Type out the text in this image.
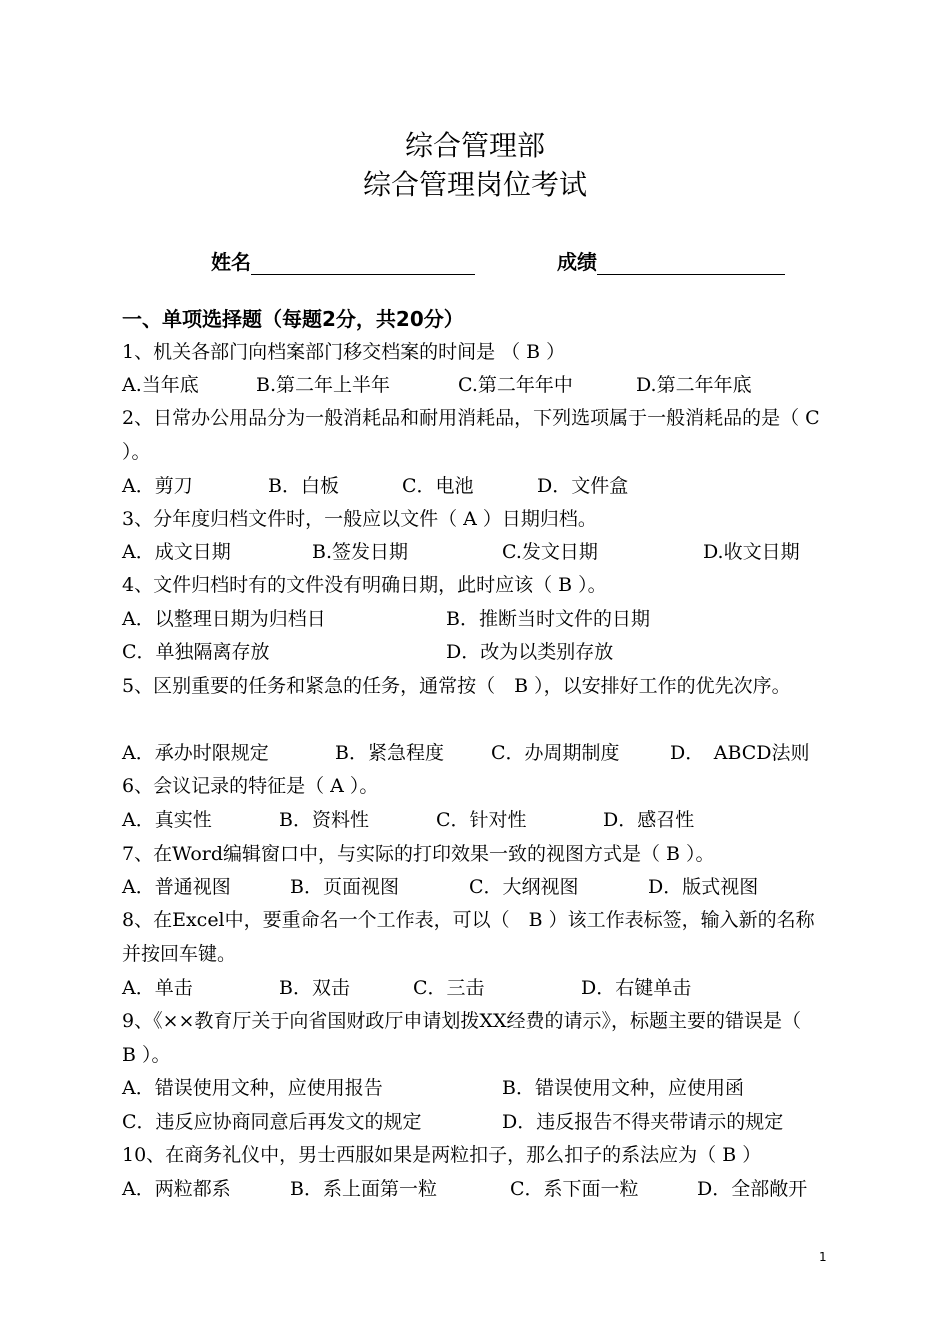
综合管理部
综合管理岗位考试
姓名	成绩
一、单项选择题（每题2分，共20分）
1、机关各部门向档案部门移交档案的时间是 （ B ）
A.当年底	B.第二年上半年	C.第二年年中	D.第二年年底
2、日常办公用品分为一般消耗品和耐用消耗品，下列选项属于一般消耗品的是（ C ）。
A．剪刀	B．白板	C．电池	D．文件盒
3、分年度归档文件时，一般应以文件（ A ）日期归档。
A．成文日期	B.签发日期	C.发文日期	D.收文日期
4、文件归档时有的文件没有明确日期，此时应该（ B ）。
A．以整理日期为归档日	B．推断当时文件的日期
C．单独隔离存放	D．改为以类别存放
5、区别重要的任务和紧急的任务，通常按（　B ），以安排好工作的优先次序。
A．承办时限规定	B．紧急程度 C．办周期制度	D．　ABCD法则
6、会议记录的特征是（ A ）。
A．真实性	B．资料性	C．针对性	D．感召性
7、在Word编辑窗口中，与实际的打印效果一致的视图方式是（ B ）。
A．普通视图	B．页面视图	C．大纲视图	D．版式视图
8、在Excel中，要重命名一个工作表，可以（　B ）该工作表标签，输入新的名称并按回车键。
A．单击	B．双击	C．三击	D．右键单击
9、《××教育厅关于向省国财政厅申请划拨XX经费的请示》，标题主要的错误是（　B ）。
A．错误使用文种，应使用报告	B．错误使用文种，应使用函
C．违反应协商同意后再发文的规定	D．违反报告不得夹带请示的规定
10、在商务礼仪中，男士西服如果是两粒扣子，那么扣子的系法应为（ B ）
A．两粒都系	B．系上面第一粒	C．系下面一粒	D．全部敞开
1
